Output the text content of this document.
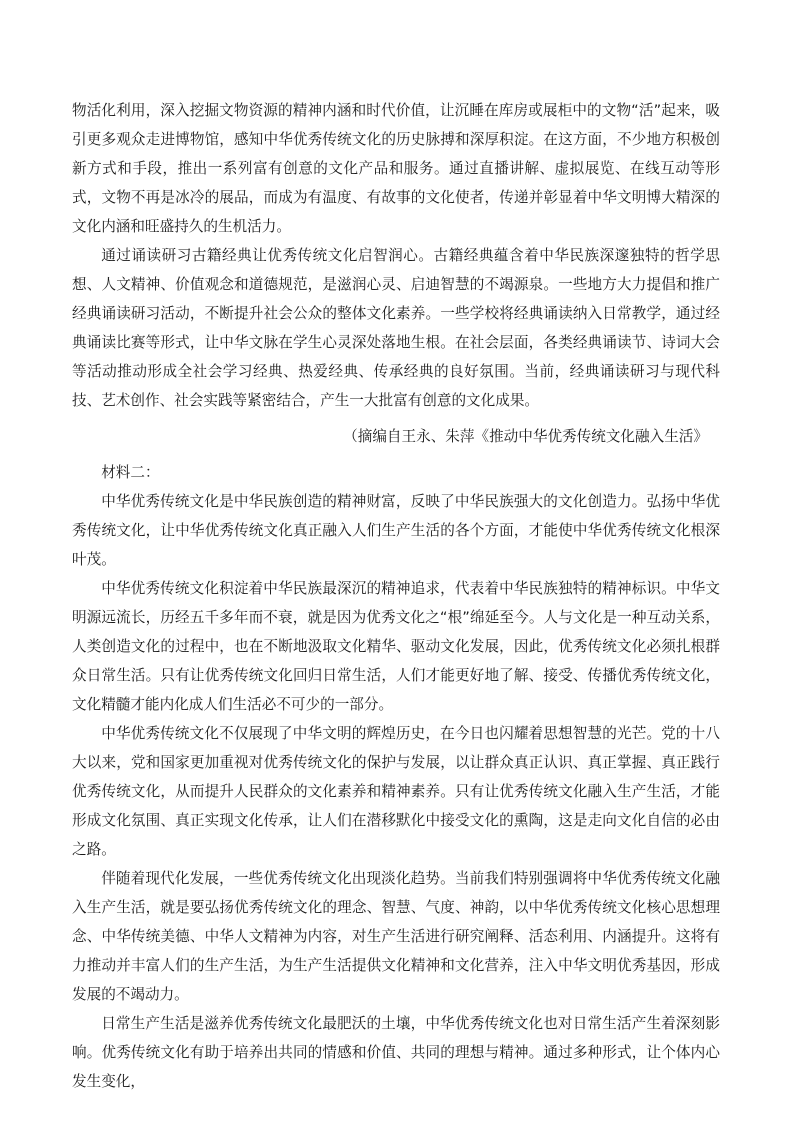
物活化利用，深入挖掘文物资源的精神内涵和时代价值，让沉睡在库房或展柜中的文物“活”起来，吸引更多观众走进博物馆，感知中华优秀传统文化的历史脉搏和深厚积淀。在这方面，不少地方积极创新方式和手段，推出一系列富有创意的文化产品和服务。通过直播讲解、虚拟展览、在线互动等形式，文物不再是冰冷的展品，而成为有温度、有故事的文化使者，传递并彰显着中华文明博大精深的文化内涵和旺盛持久的生机活力。

通过诵读研习古籍经典让优秀传统文化启智润心。古籍经典蕴含着中华民族深邃独特的哲学思想、人文精神、价值观念和道德规范，是滋润心灵、启迪智慧的不竭源泉。一些地方大力提倡和推广经典诵读研习活动，不断提升社会公众的整体文化素养。一些学校将经典诵读纳入日常教学，通过经典诵读比赛等形式，让中华文脉在学生心灵深处落地生根。在社会层面，各类经典诵读节、诗词大会等活动推动形成全社会学习经典、热爱经典、传承经典的良好氛围。当前，经典诵读研习与现代科技、艺术创作、社会实践等紧密结合，产生一大批富有创意的文化成果。

（摘编自王永、朱萍《推动中华优秀传统文化融入生活》

材料二：

中华优秀传统文化是中华民族创造的精神财富，反映了中华民族强大的文化创造力。弘扬中华优秀传统文化，让中华优秀传统文化真正融入人们生产生活的各个方面，才能使中华优秀传统文化根深叶茂。

中华优秀传统文化积淀着中华民族最深沉的精神追求，代表着中华民族独特的精神标识。中华文明源远流长，历经五千多年而不衰，就是因为优秀文化之“根”绵延至今。人与文化是一种互动关系，人类创造文化的过程中，也在不断地汲取文化精华、驱动文化发展，因此，优秀传统文化必须扎根群众日常生活。只有让优秀传统文化回归日常生活，人们才能更好地了解、接受、传播优秀传统文化，文化精髓才能内化成人们生活必不可少的一部分。

中华优秀传统文化不仅展现了中华文明的辉煌历史，在今日也闪耀着思想智慧的光芒。党的十八大以来，党和国家更加重视对优秀传统文化的保护与发展，以让群众真正认识、真正掌握、真正践行优秀传统文化，从而提升人民群众的文化素养和精神素养。只有让优秀传统文化融入生产生活，才能形成文化氛围、真正实现文化传承，让人们在潜移默化中接受文化的熏陶，这是走向文化自信的必由之路。

伴随着现代化发展，一些优秀传统文化出现淡化趋势。当前我们特别强调将中华优秀传统文化融入生产生活，就是要弘扬优秀传统文化的理念、智慧、气度、神韵，以中华优秀传统文化核心思想理念、中华传统美德、中华人文精神为内容，对生产生活进行研究阐释、活态利用、内涵提升。这将有力推动并丰富人们的生产生活，为生产生活提供文化精神和文化营养，注入中华文明优秀基因，形成发展的不竭动力。

日常生产生活是滋养优秀传统文化最肥沃的土壤，中华优秀传统文化也对日常生活产生着深刻影响。优秀传统文化有助于培养出共同的情感和价值、共同的理想与精神。通过多种形式，让个体内心发生变化，
